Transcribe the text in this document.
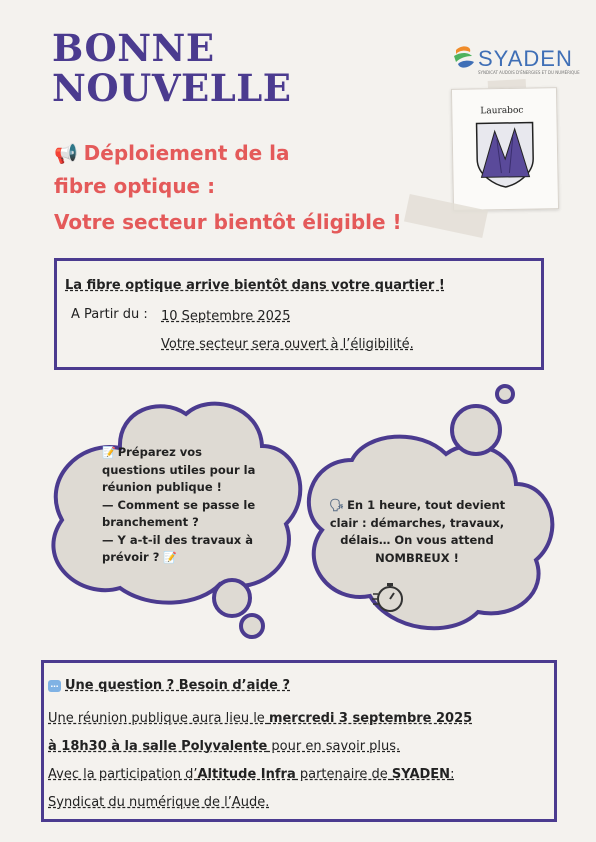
BONNE
NOUVELLE
SYADEN
SYNDICAT AUDOIS D'ÉNERGIES ET DU NUMÉRIQUE
Lauraboc
📢 Déploiement de la
fibre optique :
Votre secteur bientôt éligible !
La fibre optique arrive bientôt dans votre quartier !
A Partir du : 10 Septembre 2025
Votre secteur sera ouvert à l’éligibilité.
📝 Préparez vos
questions utiles pour la
réunion publique !
— Comment se passe le
branchement ?
— Y a-t-il des travaux à
prévoir ? 📝
🗣 En 1 heure, tout devient
clair : démarches, travaux,
délais… On vous attend
NOMBREUX !
… Une question ? Besoin d’aide ?
Une réunion publique aura lieu le mercredi 3 septembre 2025
à 18h30 à la salle Polyvalente pour en savoir plus.
Avec la participation d’Altitude Infra partenaire de SYADEN:
Syndicat du numérique de l’Aude.
